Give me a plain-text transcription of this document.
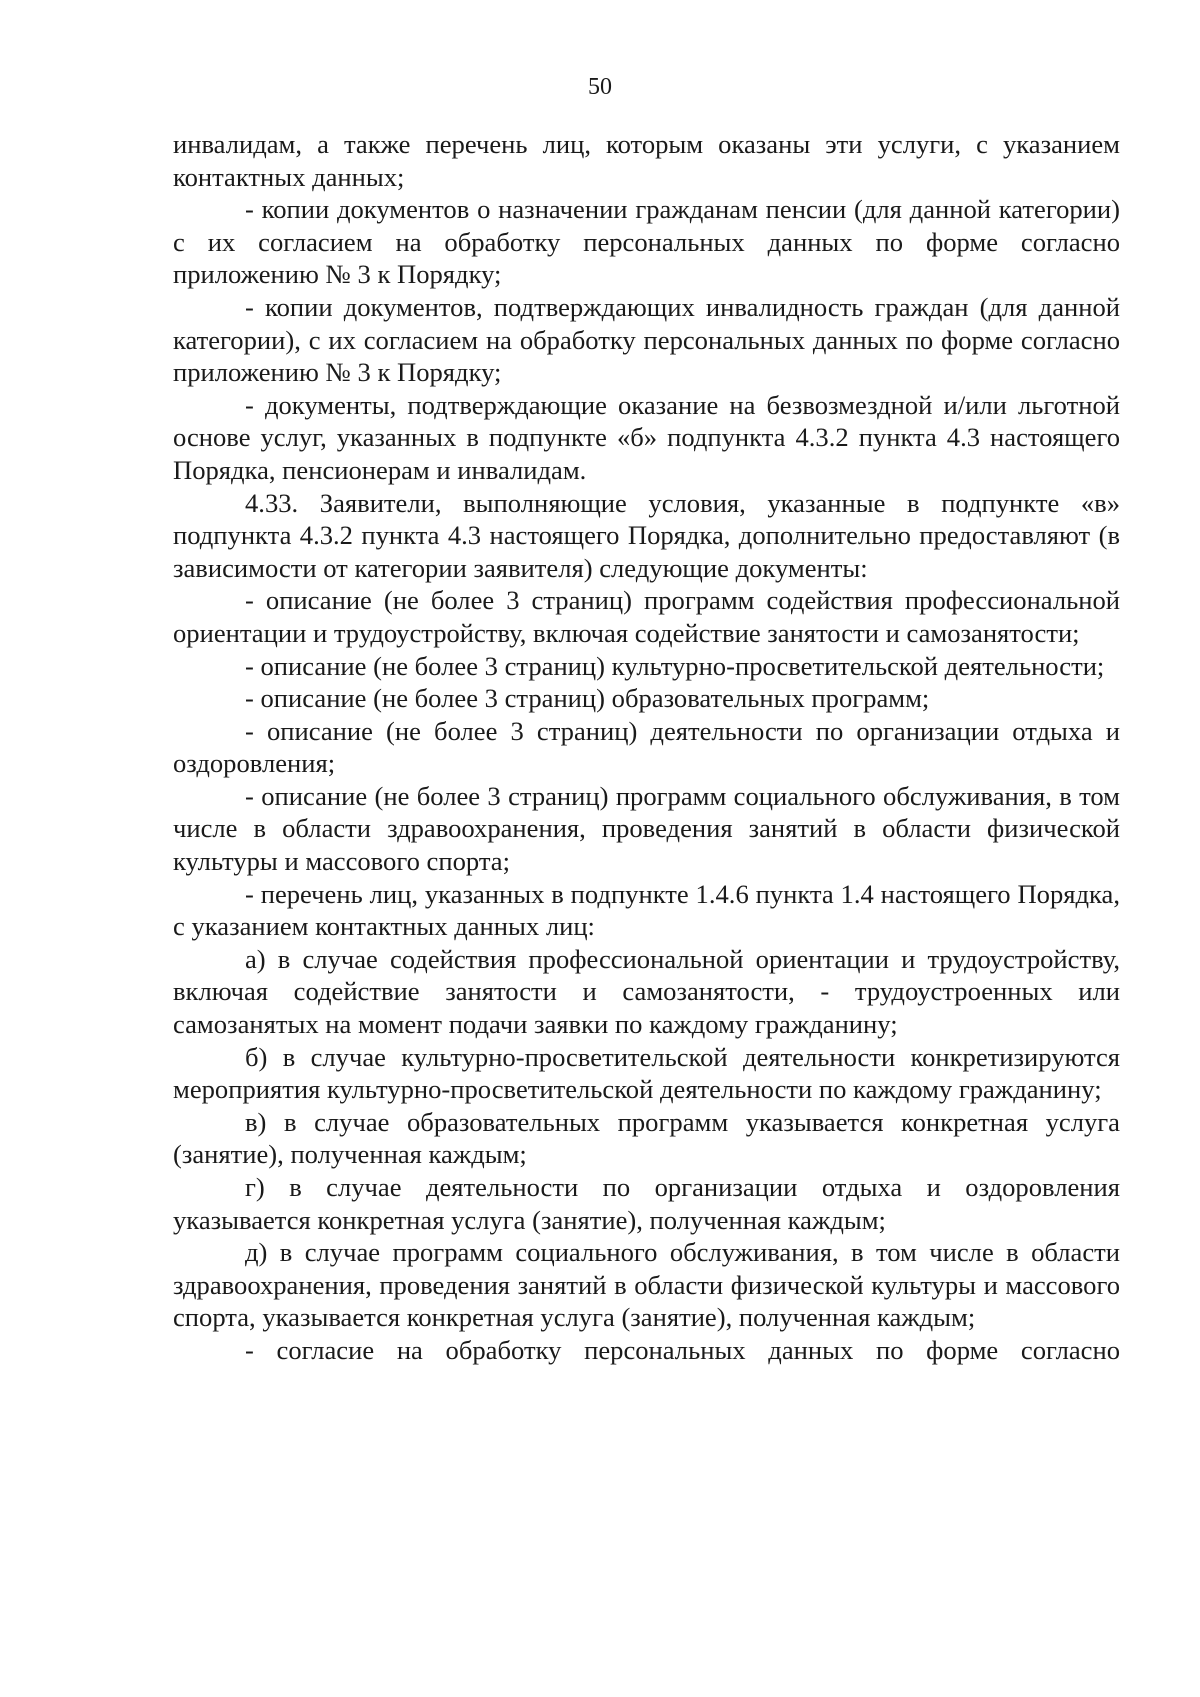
50

инвалидам, а также перечень лиц, которым оказаны эти услуги, с указанием контактных данных;

- копии документов о назначении гражданам пенсии (для данной категории) с их согласием на обработку персональных данных по форме согласно приложению № 3 к Порядку;

- копии документов, подтверждающих инвалидность граждан (для данной категории), с их согласием на обработку персональных данных по форме согласно приложению № 3 к Порядку;

- документы, подтверждающие оказание на безвозмездной и/или льготной основе услуг, указанных в подпункте «б» подпункта 4.3.2 пункта 4.3 настоящего Порядка, пенсионерам и инвалидам.

4.33. Заявители, выполняющие условия, указанные в подпункте «в» подпункта 4.3.2 пункта 4.3 настоящего Порядка, дополнительно предоставляют (в зависимости от категории заявителя) следующие документы:

- описание (не более 3 страниц) программ содействия профессиональной ориентации и трудоустройству, включая содействие занятости и самозанятости;

- описание (не более 3 страниц) культурно-просветительской деятельности;

- описание (не более 3 страниц) образовательных программ;

- описание (не более 3 страниц) деятельности по организации отдыха и оздоровления;

- описание (не более 3 страниц) программ социального обслуживания, в том числе в области здравоохранения, проведения занятий в области физической культуры и массового спорта;

- перечень лиц, указанных в подпункте 1.4.6 пункта 1.4 настоящего Порядка, с указанием контактных данных лиц:

а) в случае содействия профессиональной ориентации и трудоустройству, включая содействие занятости и самозанятости, - трудоустроенных или самозанятых на момент подачи заявки по каждому гражданину;

б) в случае культурно-просветительской деятельности конкретизируются мероприятия культурно-просветительской деятельности по каждому гражданину;

в) в случае образовательных программ указывается конкретная услуга (занятие), полученная каждым;

г) в случае деятельности по организации отдыха и оздоровления указывается конкретная услуга (занятие), полученная каждым;

д) в случае программ социального обслуживания, в том числе в области здравоохранения, проведения занятий в области физической культуры и массового спорта, указывается конкретная услуга (занятие), полученная каждым;

- согласие на обработку персональных данных по форме согласно
